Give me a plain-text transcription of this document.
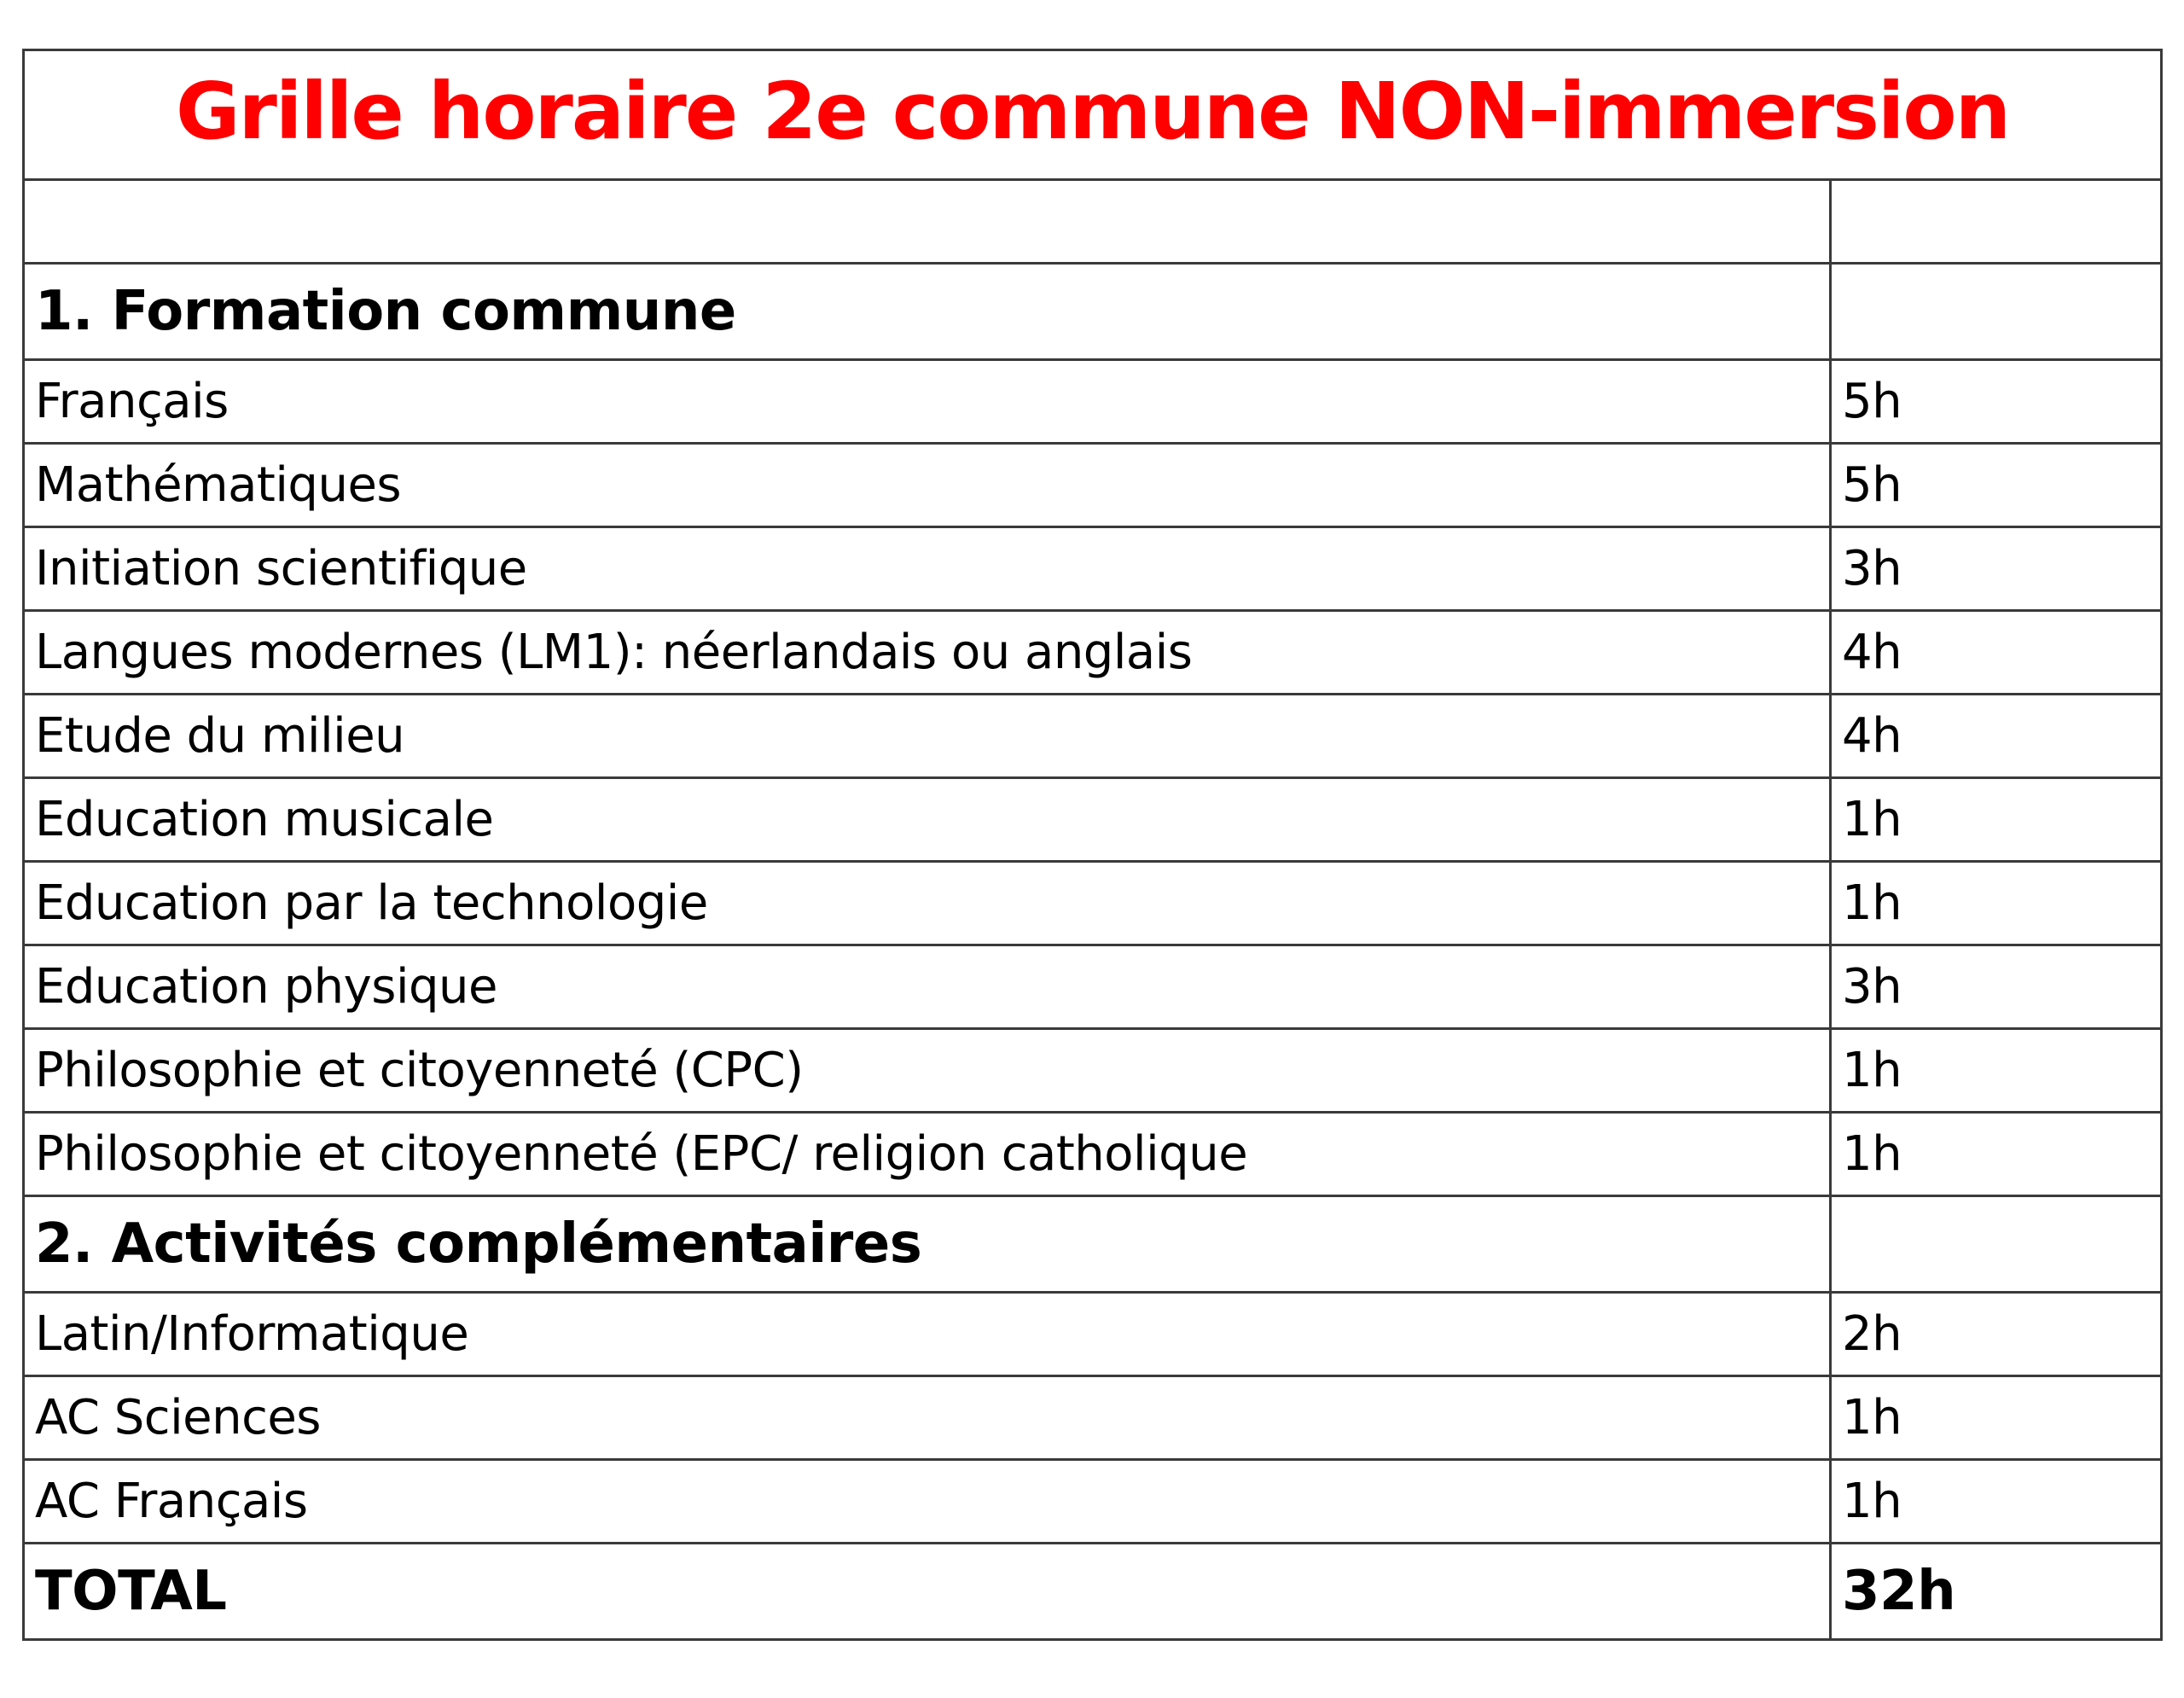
Grille horaire 2e commune NON-immersion	

1. Formation commune	
Français	5h
Mathématiques	5h
Initiation scientifique	3h
Langues modernes (LM1): néerlandais ou anglais	4h
Etude du milieu	4h
Education musicale	1h
Education par la technologie	1h
Education physique	3h
Philosophie et citoyenneté (CPC)	1h
Philosophie et citoyenneté (EPC/ religion catholique	1h
2. Activités complémentaires	
Latin/Informatique	2h
AC Sciences	1h
AC Français	1h
TOTAL	32h
